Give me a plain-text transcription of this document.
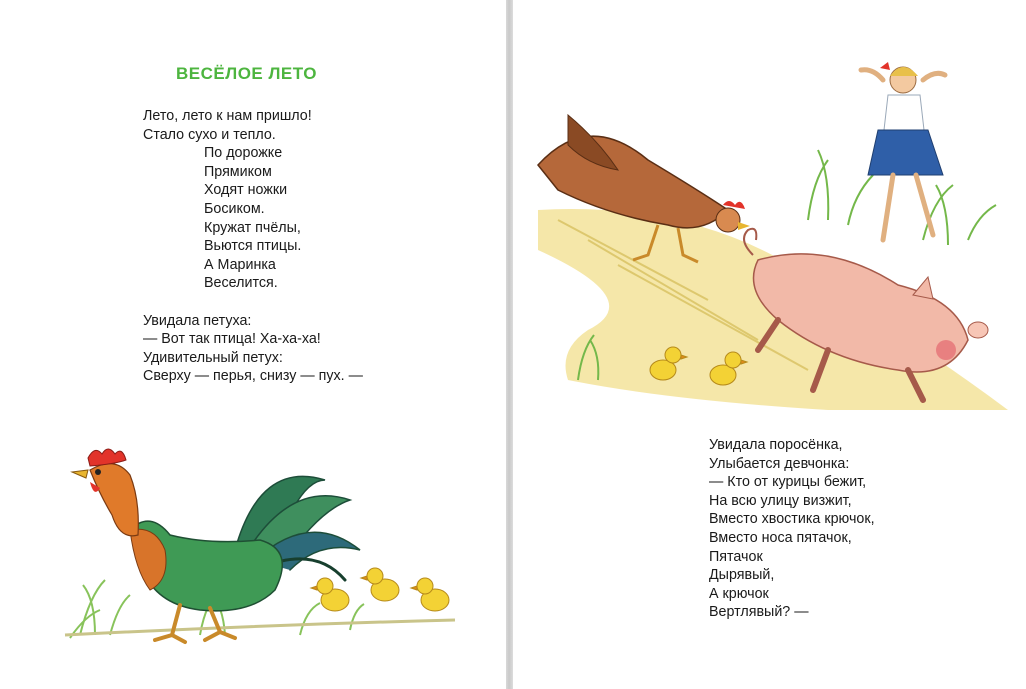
ВЕСЁЛОЕ ЛЕТО
Лето, лето к нам пришло!
Стало сухо и тепло.
По дорожке
Прямиком
Ходят ножки
Босиком.
Кружат пчёлы,
Вьются птицы.
А Маринка
Веселится.
Увидала петуха:
— Вот так птица! Ха-ха-ха!
Удивительный петух:
Сверху — перья, снизу — пух. —
Увидала поросёнка,
Улыбается девчонка:
— Кто от курицы бежит,
На всю улицу визжит,
Вместо хвостика крючок,
Вместо носа пятачок,
Пятачок
Дырявый,
А крючок
Вертлявый? —
